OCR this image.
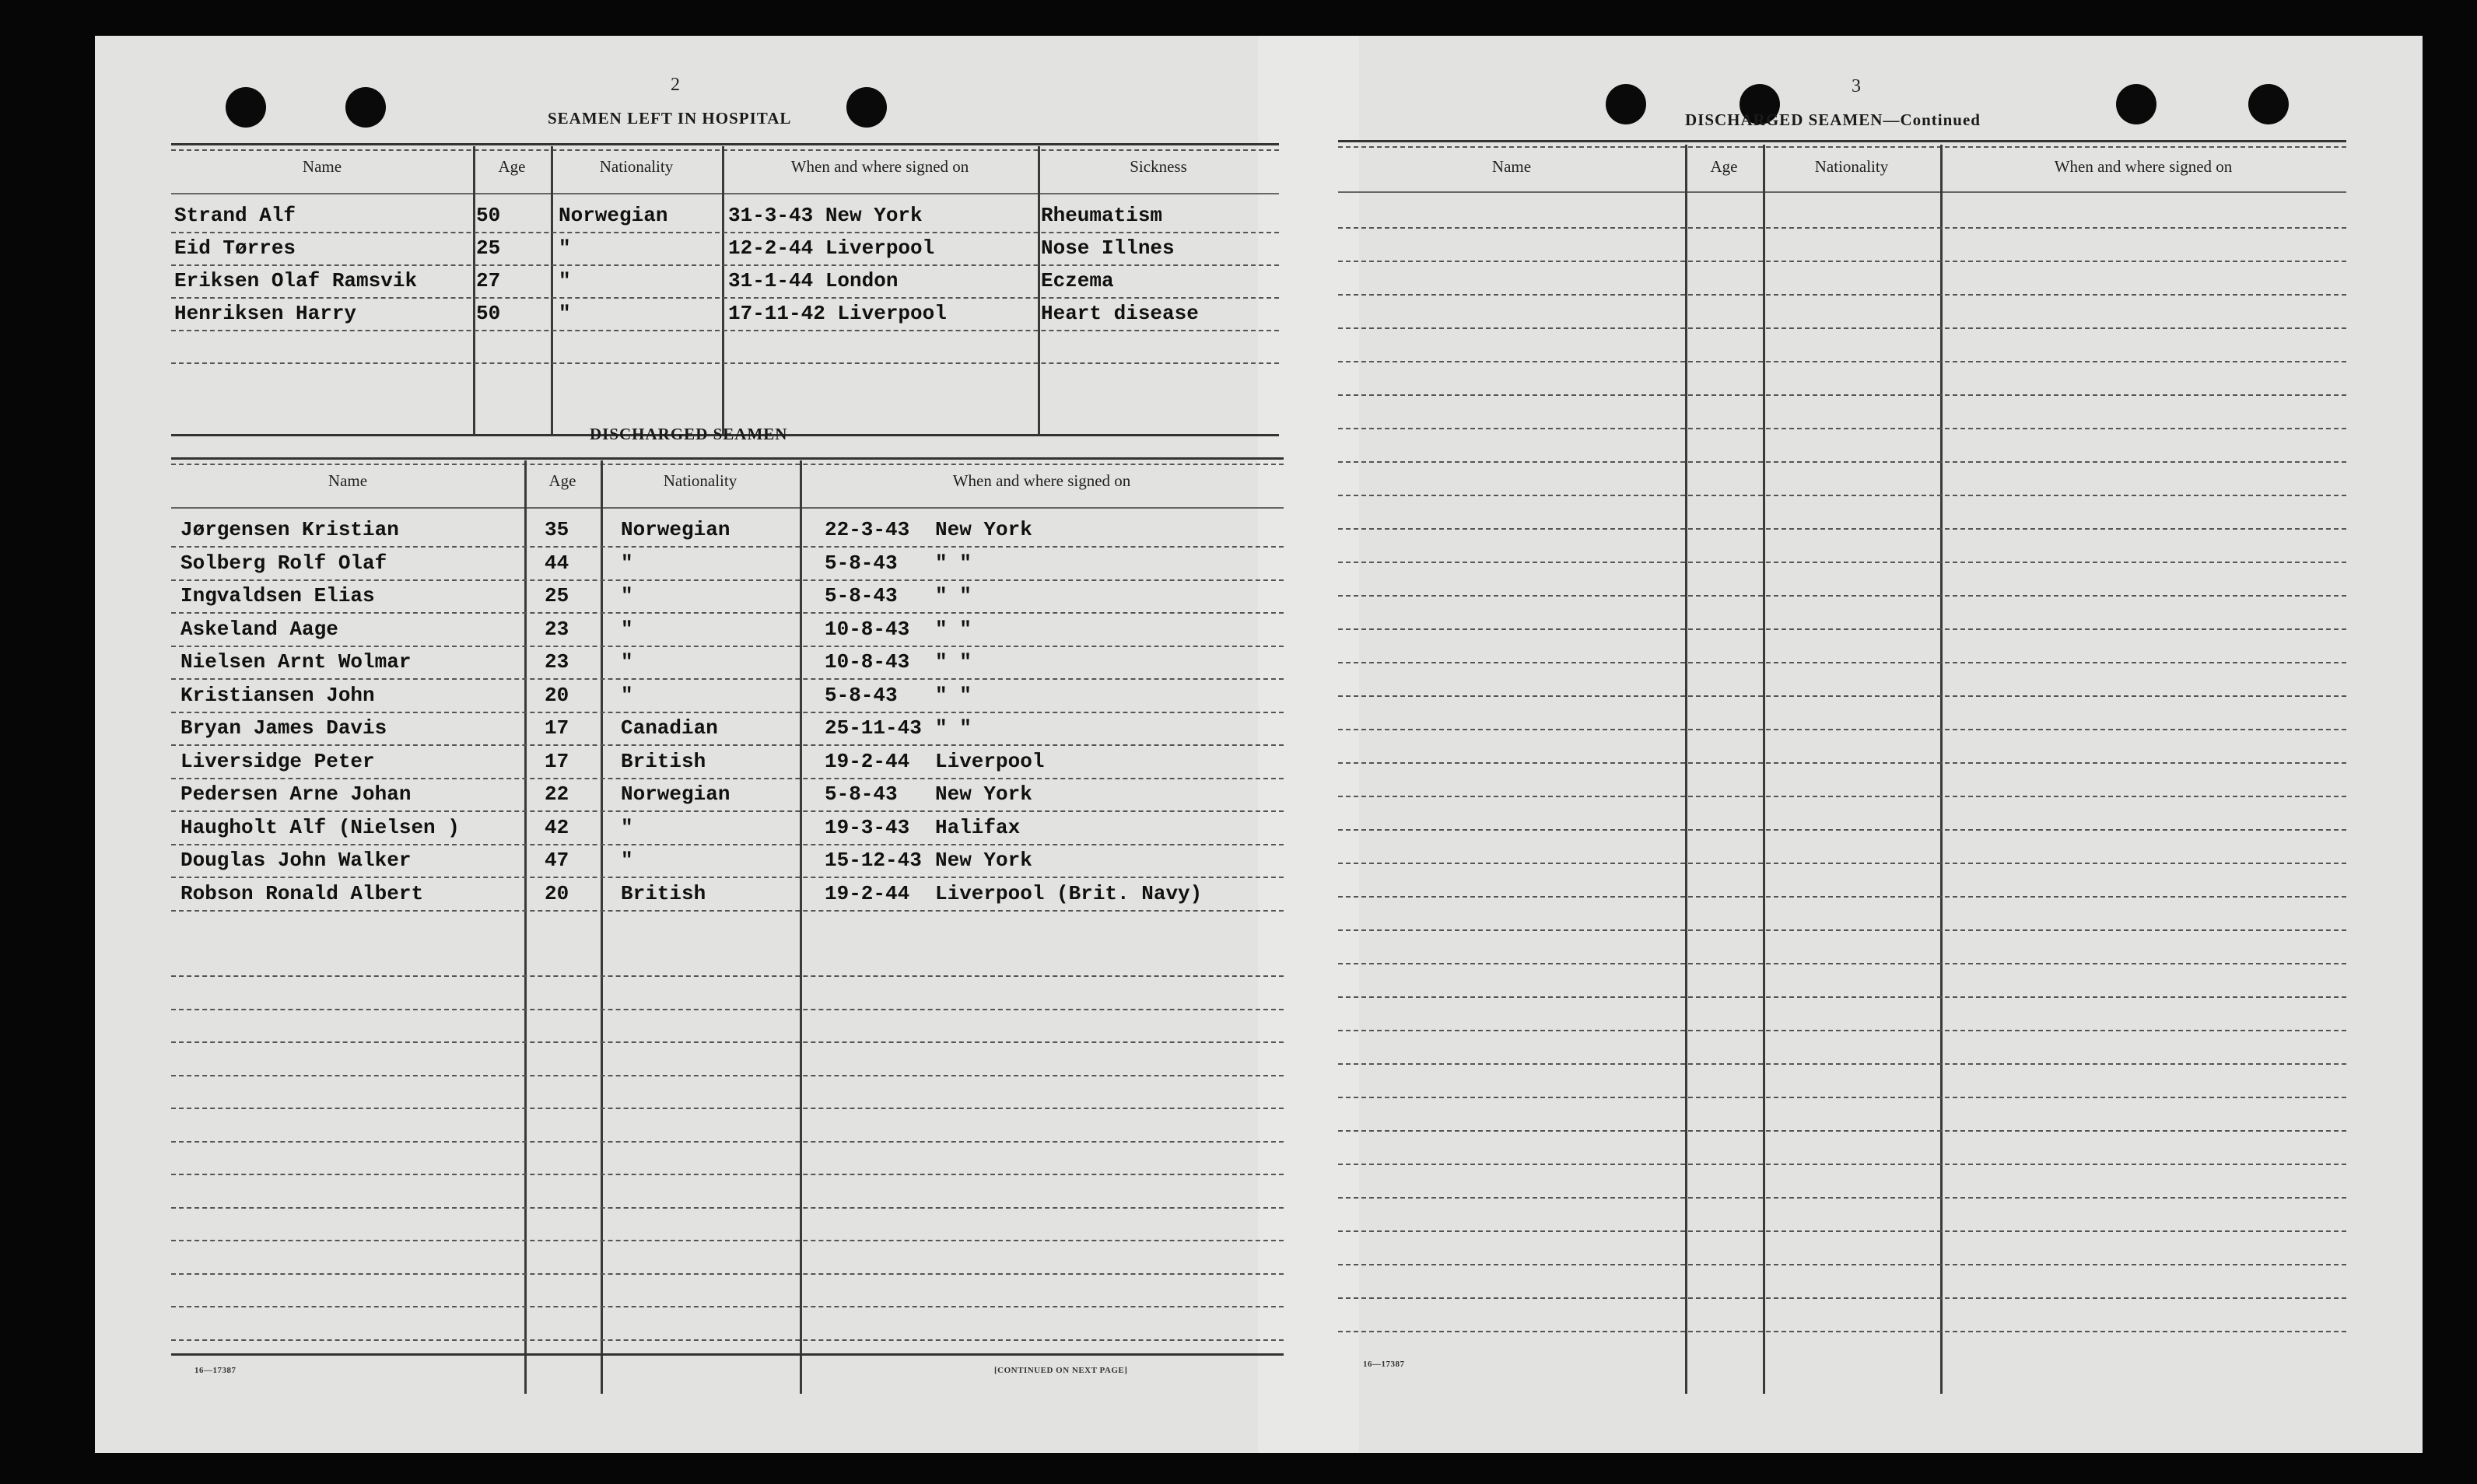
2
SEAMEN LEFT IN HOSPITAL
Name	Age	Nationality	When and where signed on	Sickness
Strand Alf	50	Norwegian	31-3-43 New York	Rheumatism
Eid Tørres	25	"	12-2-44 Liverpool	Nose Illnes
Eriksen Olaf Ramsvik	27	"	31-1-44 London	Eczema
Henriksen Harry	50	"	17-11-42 Liverpool	Heart disease
DISCHARGED SEAMEN
Name	Age	Nationality	When and where signed on
Jørgensen Kristian	35	Norwegian	22-3-43 New York
Solberg Rolf Olaf	44	"	5-8-43 " "
Ingvaldsen Elias	25	"	5-8-43 " "
Askeland Aage	23	"	10-8-43 " "
Nielsen Arnt Wolmar	23	"	10-8-43 " "
Kristiansen John	20	"	5-8-43 " "
Bryan James Davis	17	Canadian	25-11-43 " "
Liversidge Peter	17	British	19-2-44 Liverpool
Pedersen Arne Johan	22	Norwegian	5-8-43 New York
Haugholt Alf (Nielsen )	42	"	19-3-43 Halifax
Douglas John Walker	47	"	15-12-43 New York
Robson Ronald Albert	20	British	19-2-44 Liverpool (Brit. Navy)
16—17387	[CONTINUED ON NEXT PAGE]
3
DISCHARGED SEAMEN—Continued
Name	Age	Nationality	When and where signed on
16—17387
